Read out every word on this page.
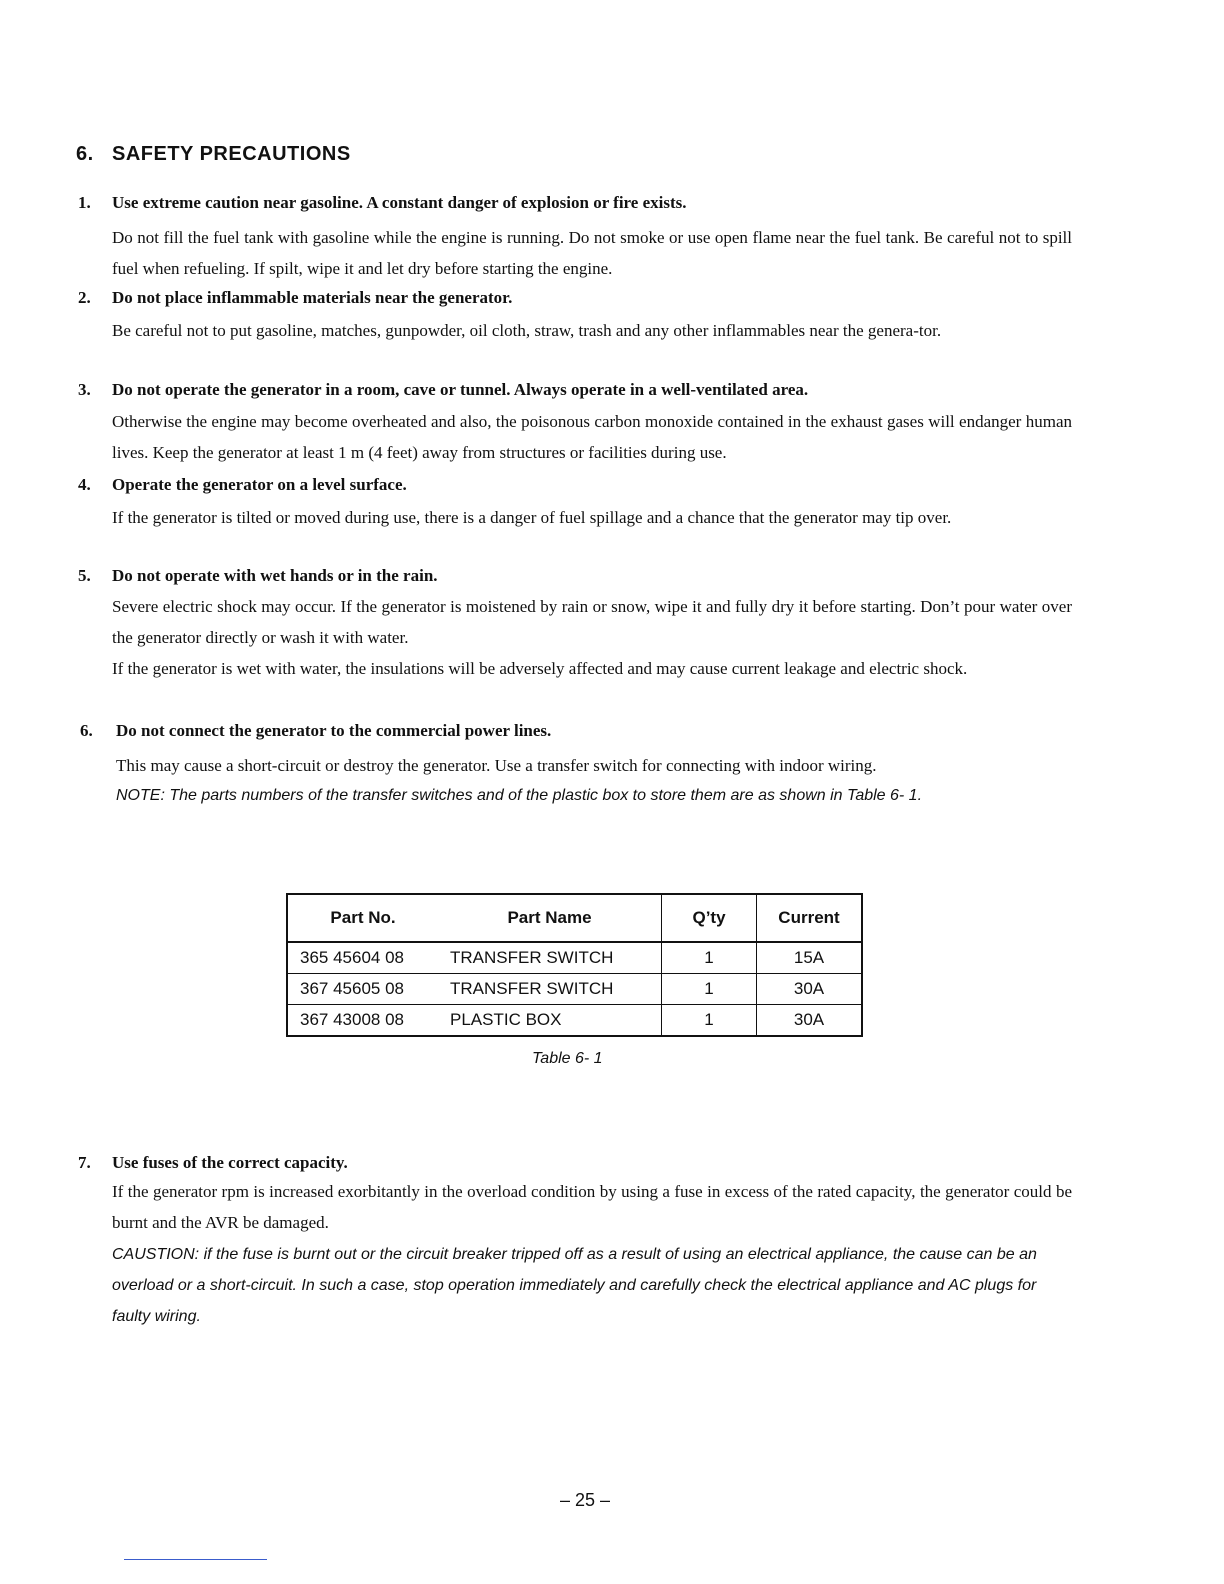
6. SAFETY PRECAUTIONS
1. Use extreme caution near gasoline. A constant danger of explosion or fire exists.
Do not fill the fuel tank with gasoline while the engine is running. Do not smoke or use open flame near the fuel tank. Be careful not to spill fuel when refueling. If spilt, wipe it and let dry before starting the engine.
2. Do not place inflammable materials near the generator.
Be careful not to put gasoline, matches, gunpowder, oil cloth, straw, trash and any other inflammables near the genera-tor.
3. Do not operate the generator in a room, cave or tunnel. Always operate in a well-ventilated area.
Otherwise the engine may become overheated and also, the poisonous carbon monoxide contained in the exhaust gases will endanger human lives. Keep the generator at least 1 m (4 feet) away from structures or facilities during use.
4. Operate the generator on a level surface.
If the generator is tilted or moved during use, there is a danger of fuel spillage and a chance that the generator may tip over.
5. Do not operate with wet hands or in the rain.
Severe electric shock may occur. If the generator is moistened by rain or snow, wipe it and fully dry it before starting. Don’t pour water over the generator directly or wash it with water.
If the generator is wet with water, the insulations will be adversely affected and may cause current leakage and electric shock.
6. Do not connect the generator to the commercial power lines.
This may cause a short-circuit or destroy the generator. Use a transfer switch for connecting with indoor wiring.
NOTE: The parts numbers of the transfer switches and of the plastic box to store them are as shown in Table 6- 1.
Part No.	Part Name	Q’ty	Current
365 45604 08	TRANSFER SWITCH	1	15A
367 45605 08	TRANSFER SWITCH	1	30A
367 43008 08	PLASTIC BOX	1	30A
Table 6- 1
7. Use fuses of the correct capacity.
If the generator rpm is increased exorbitantly in the overload condition by using a fuse in excess of the rated capacity, the generator could be burnt and the AVR be damaged.
CAUSTION: if the fuse is burnt out or the circuit breaker tripped off as a result of using an electrical appliance, the cause can be an overload or a short-circuit. In such a case, stop operation immediately and carefully check the electrical appliance and AC plugs for faulty wiring.
– 25 –
